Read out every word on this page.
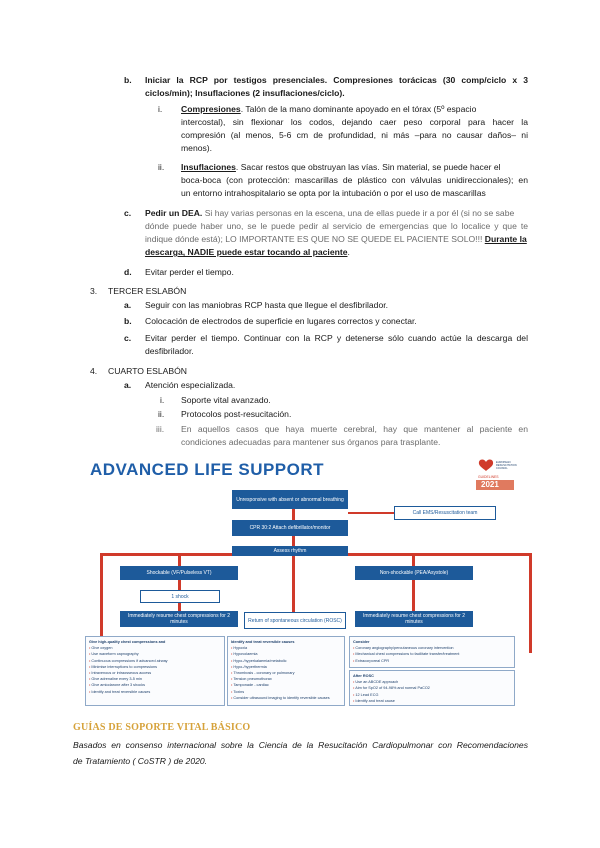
b. Iniciar la RCP por testigos presenciales. Compresiones torácicas (30 comp/ciclo x 3
ciclos/min); Insuflaciones (2 insuflaciones/ciclo).
i. Compresiones. Talón de la mano dominante apoyado en el tórax (5º espacio
intercostal), sin flexionar los codos, dejando caer peso corporal para hacer la
compresión (al menos, 5-6 cm de profundidad, ni más –para no causar daños– ni
menos).
ii. Insuflaciones. Sacar restos que obstruyan las vías. Sin material, se puede hacer el
boca-boca (con protección: mascarillas de plástico con válvulas unidireccionales); en
un entorno intrahospitalario se opta por la intubación o por el uso de mascarillas
c. Pedir un DEA. Si hay varias personas en la escena, una de ellas puede ir a por él (si no se sabe
dónde puede haber uno, se le puede pedir al servicio de emergencias que lo localice y que te
indique dónde está); LO IMPORTANTE ES QUE NO SE QUEDE EL PACIENTE SOLO!!! Durante la
descarga, NADIE puede estar tocando al paciente.
d. Evitar perder el tiempo.
3. TERCER ESLABÓN
a. Seguir con las maniobras RCP hasta que llegue el desfibrilador.
b. Colocación de electrodos de superficie en lugares correctos y conectar.
c. Evitar perder el tiempo. Continuar con la RCP y detenerse sólo cuando actúe la descarga del
desfibrilador.
4. CUARTO ESLABÓN
a. Atención especializada.
i. Soporte vital avanzado.
ii. Protocolos post-resucitación.
iii. En aquellos casos que haya muerte cerebral, hay que mantener al paciente en
condiciones adecuadas para mantener sus órganos para trasplante.
ADVANCED LIFE SUPPORT	EUROPEAN RESUSCITATION COUNCIL
GUIDELINES
2021
Unresponsive with absent or abnormal breathing
Call EMS/Resuscitation team
CPR 30:2 Attach defibrillator/monitor
Assess rhythm
Shockable (VF/Pulseless VT)	Non-shockable (PEA/Asystole)
1 shock
Immediately resume chest compressions for 2 minutes	Return of spontaneous circulation (ROSC)
Immediately resume chest compressions for 2 minutes
Give high-quality chest compressions and
• Give oxygen
• Use waveform capnography
• Continuous compressions if advanced airway
• Minimise interruptions to compressions
• Intravenous or intraosseous access
• Give adrenaline every 3-5 min
• Give amiodarone after 3 shocks
• Identify and treat reversible causes
Identify and treat reversible causes
• Hypoxia
• Hypovolaemia
• Hypo-/hyperkalaemia/metabolic
• Hypo-/hyperthermia
• Thrombosis - coronary or pulmonary
• Tension pneumothorax
• Tamponade - cardiac
• Toxins
• Consider ultrasound imaging to identify reversible causes
Consider
• Coronary angiography/percutaneous coronary intervention
• Mechanical chest compressions to facilitate transfer/treatment
• Extracorporeal CPR
After ROSC
• Use an ABCDE approach
• Aim for SpO2 of 94-98% and normal PaCO2
• 12 Lead ECG
• Identify and treat cause
GUÍAS DE SOPORTE VITAL BÁSICO
Basados en consenso internacional sobre la Ciencia de la Resucitación Cardiopulmonar con Recomendaciones
de Tratamiento ( CoSTR ) de 2020.
